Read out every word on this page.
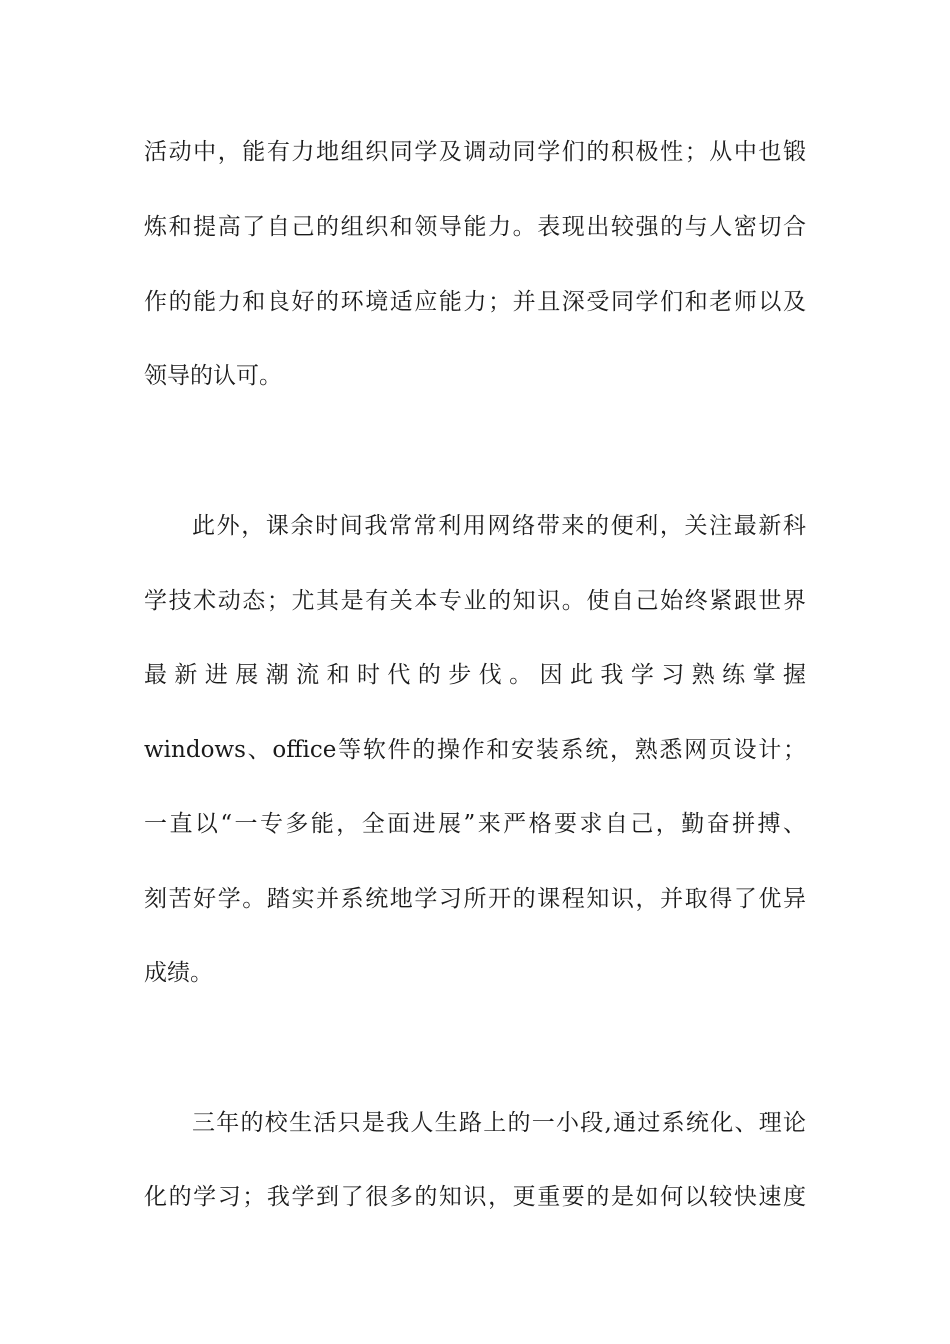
活动中，能有力地组织同学及调动同学们的积极性；从中也锻
炼和提高了自己的组织和领导能力。表现出较强的与人密切合
作的能力和良好的环境适应能力；并且深受同学们和老师以及
领导的认可。
此外，课余时间我常常利用网络带来的便利，关注最新科
学技术动态；尤其是有关本专业的知识。使自己始终紧跟世界
最新进展潮流和时代的步伐。因此我学习熟练掌握
windows、office等软件的操作和安装系统，熟悉网页设计；
一直以“一专多能，全面进展”来严格要求自己，勤奋拼搏、
刻苦好学。踏实并系统地学习所开的课程知识，并取得了优异
成绩。
三年的校生活只是我人生路上的一小段,通过系统化、理论
化的学习；我学到了很多的知识，更重要的是如何以较快速度
